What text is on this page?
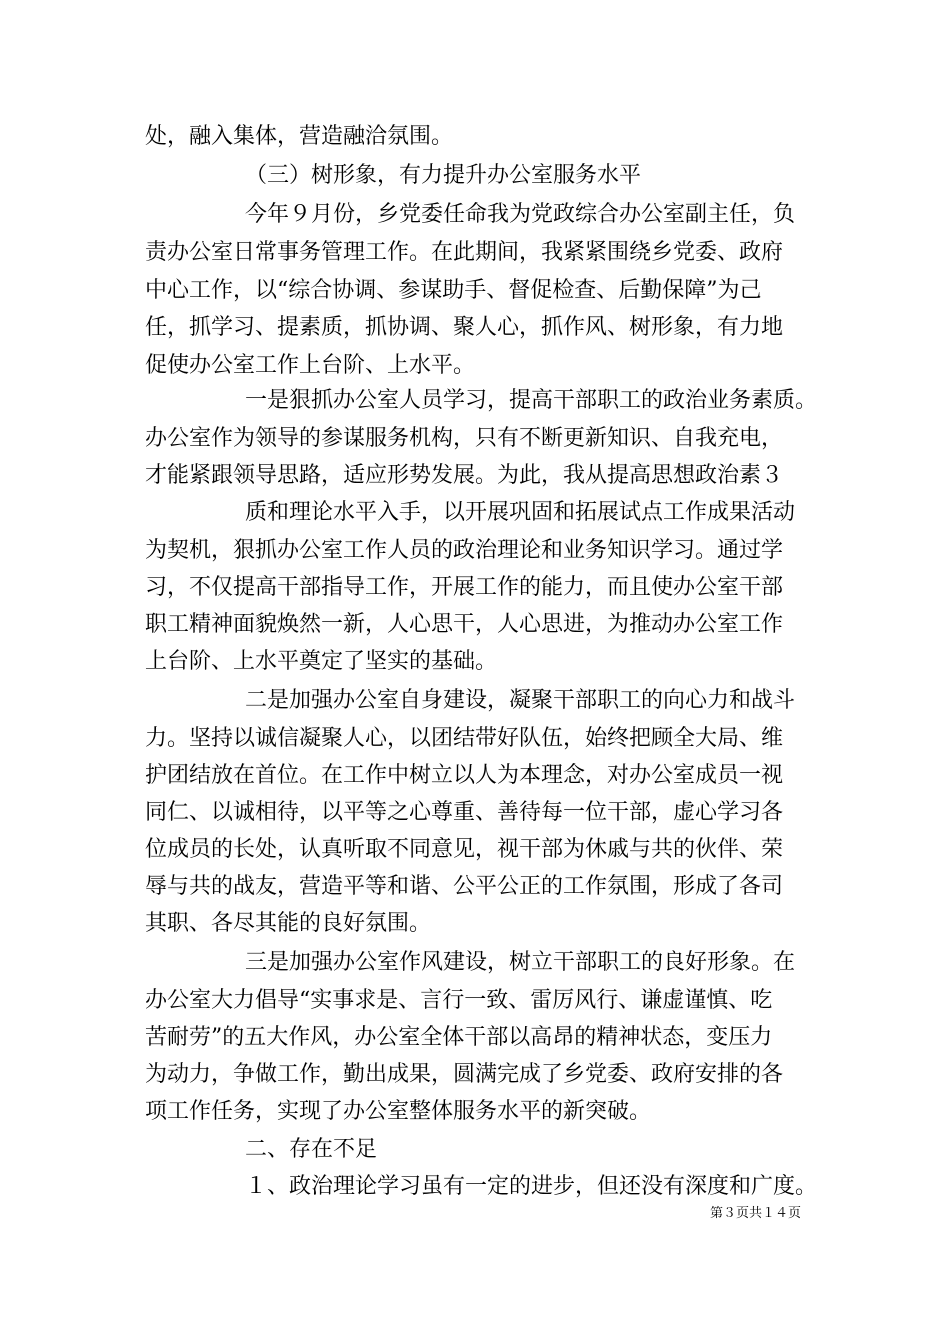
处，融入集体，营造融洽氛围。
（三）树形象，有力提升办公室服务水平
今年９月份，乡党委任命我为党政综合办公室副主任，负
责办公室日常事务管理工作。在此期间，我紧紧围绕乡党委、政府
中心工作，以“综合协调、参谋助手、督促检查、后勤保障”为己
任，抓学习、提素质，抓协调、聚人心，抓作风、树形象，有力地
促使办公室工作上台阶、上水平。
一是狠抓办公室人员学习，提高干部职工的政治业务素质。
办公室作为领导的参谋服务机构，只有不断更新知识、自我充电，
才能紧跟领导思路，适应形势发展。为此，我从提高思想政治素３
质和理论水平入手，以开展巩固和拓展试点工作成果活动
为契机，狠抓办公室工作人员的政治理论和业务知识学习。通过学
习，不仅提高干部指导工作，开展工作的能力，而且使办公室干部
职工精神面貌焕然一新，人心思干，人心思进，为推动办公室工作
上台阶、上水平奠定了坚实的基础。
二是加强办公室自身建设，凝聚干部职工的向心力和战斗
力。坚持以诚信凝聚人心，以团结带好队伍，始终把顾全大局、维
护团结放在首位。在工作中树立以人为本理念，对办公室成员一视
同仁、以诚相待，以平等之心尊重、善待每一位干部，虚心学习各
位成员的长处，认真听取不同意见，视干部为休戚与共的伙伴、荣
辱与共的战友，营造平等和谐、公平公正的工作氛围，形成了各司
其职、各尽其能的良好氛围。
三是加强办公室作风建设，树立干部职工的良好形象。在
办公室大力倡导“实事求是、言行一致、雷厉风行、谦虚谨慎、吃
苦耐劳”的五大作风，办公室全体干部以高昂的精神状态，变压力
为动力，争做工作，勤出成果，圆满完成了乡党委、政府安排的各
项工作任务，实现了办公室整体服务水平的新突破。
二、存在不足
１、政治理论学习虽有一定的进步，但还没有深度和广度。
第３页共１４页
